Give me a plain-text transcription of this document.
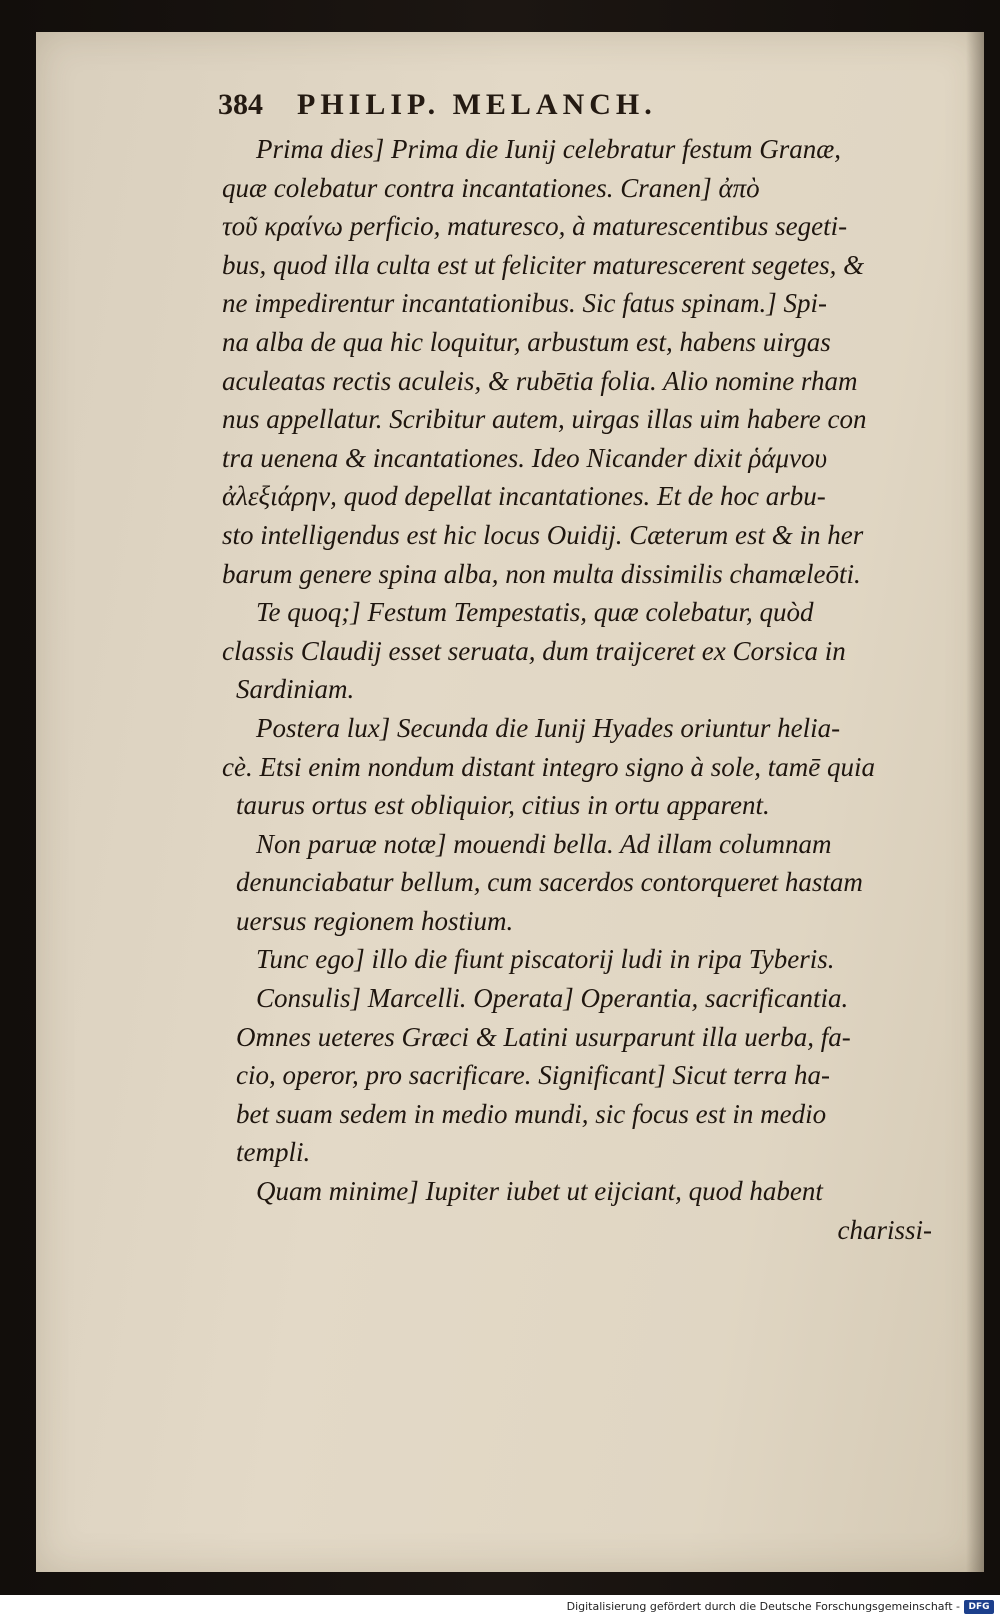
384 PHILIP. MELANCH.
Prima dies] Prima die Iunij celebratur festum Granæ,
quæ colebatur contra incantationes. Cranen] ἀπὸ
τοῦ κραίνω perficio, maturesco, à maturescentibus segeti-
bus, quod illa culta est ut feliciter maturescerent segetes, &
ne impedirentur incantationibus. Sic fatus spinam.] Spi-
na alba de qua hic loquitur, arbustum est, habens uirgas
aculeatas rectis aculeis, & rubētia folia. Alio nomine rham
nus appellatur. Scribitur autem, uirgas illas uim habere con
tra uenena & incantationes. Ideo Nicander dixit ῥάμνου
ἀλεξιάρην, quod depellat incantationes. Et de hoc arbu-
sto intelligendus est hic locus Ouidij. Cæterum est & in her
barum genere spina alba, non multa dissimilis chamæleōti.
Te quoq;] Festum Tempestatis, quæ colebatur, quòd
classis Claudij esset seruata, dum traijceret ex Corsica in
Sardiniam.
Postera lux] Secunda die Iunij Hyades oriuntur helia-
cè. Etsi enim nondum distant integro signo à sole, tamē quia
taurus ortus est obliquior, citius in ortu apparent.
Non paruæ notæ] mouendi bella. Ad illam columnam
denunciabatur bellum, cum sacerdos contorqueret hastam
uersus regionem hostium.
Tunc ego] illo die fiunt piscatorij ludi in ripa Tyberis.
Consulis] Marcelli. Operata] Operantia, sacrificantia.
Omnes ueteres Græci & Latini usurparunt illa uerba, fa-
cio, operor, pro sacrificare. Significant] Sicut terra ha-
bet suam sedem in medio mundi, sic focus est in medio
templi.
Quam minime] Iupiter iubet ut eijciant, quod habent
charissi-
Digitalisierung gefördert durch die Deutsche Forschungsgemeinschaft - DFG
